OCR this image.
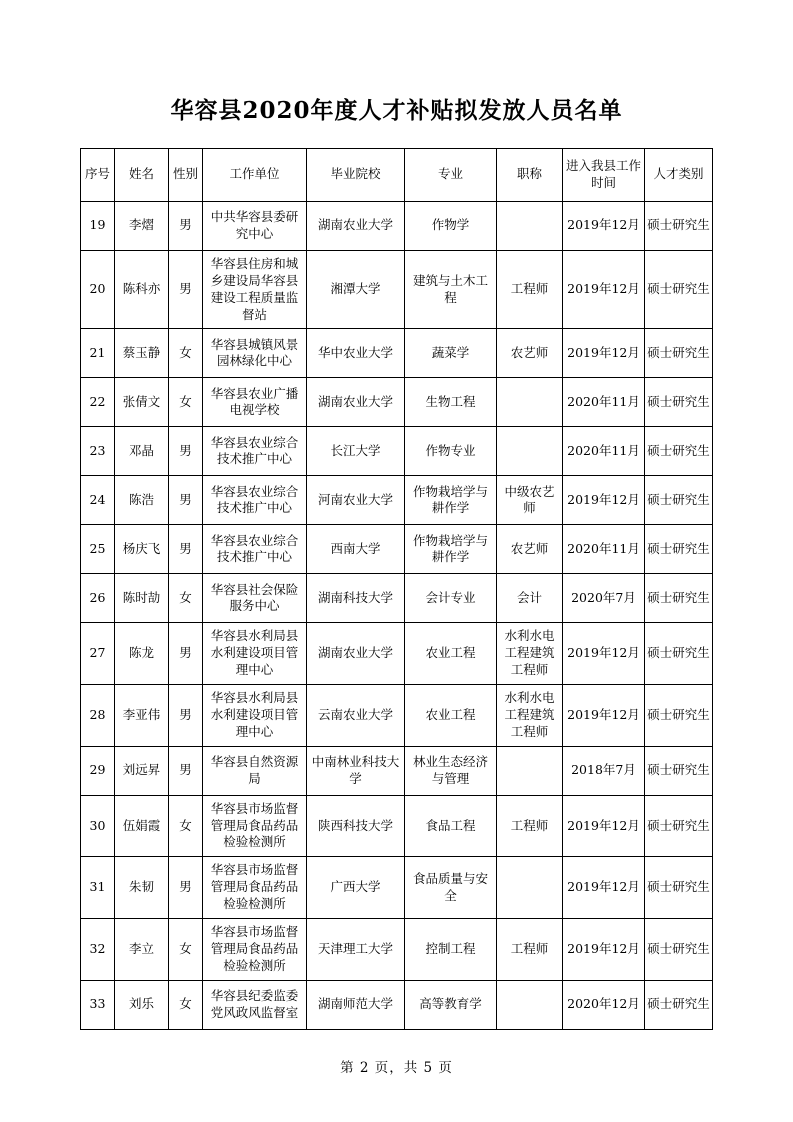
华容县2020年度人才补贴拟发放人员名单
序号	姓名	性别	工作单位	毕业院校	专业	职称	进入我县工作时间	人才类别
19	李熠	男	中共华容县委研究中心	湖南农业大学	作物学		2019年12月	硕士研究生
20	陈科亦	男	华容县住房和城乡建设局华容县建设工程质量监督站	湘潭大学	建筑与土木工程	工程师	2019年12月	硕士研究生
21	蔡玉静	女	华容县城镇风景园林绿化中心	华中农业大学	蔬菜学	农艺师	2019年12月	硕士研究生
22	张倩文	女	华容县农业广播电视学校	湖南农业大学	生物工程		2020年11月	硕士研究生
23	邓晶	男	华容县农业综合技术推广中心	长江大学	作物专业		2020年11月	硕士研究生
24	陈浩	男	华容县农业综合技术推广中心	河南农业大学	作物栽培学与耕作学	中级农艺师	2019年12月	硕士研究生
25	杨庆飞	男	华容县农业综合技术推广中心	西南大学	作物栽培学与耕作学	农艺师	2020年11月	硕士研究生
26	陈时劼	女	华容县社会保险服务中心	湖南科技大学	会计专业	会计	2020年7月	硕士研究生
27	陈龙	男	华容县水利局县水利建设项目管理中心	湖南农业大学	农业工程	水利水电工程建筑工程师	2019年12月	硕士研究生
28	李亚伟	男	华容县水利局县水利建设项目管理中心	云南农业大学	农业工程	水利水电工程建筑工程师	2019年12月	硕士研究生
29	刘远昇	男	华容县自然资源局	中南林业科技大学	林业生态经济与管理		2018年7月	硕士研究生
30	伍娟霞	女	华容县市场监督管理局食品药品检验检测所	陕西科技大学	食品工程	工程师	2019年12月	硕士研究生
31	朱韧	男	华容县市场监督管理局食品药品检验检测所	广西大学	食品质量与安全		2019年12月	硕士研究生
32	李立	女	华容县市场监督管理局食品药品检验检测所	天津理工大学	控制工程	工程师	2019年12月	硕士研究生
33	刘乐	女	华容县纪委监委党风政风监督室	湖南师范大学	高等教育学		2020年12月	硕士研究生
第 2 页，共 5 页
